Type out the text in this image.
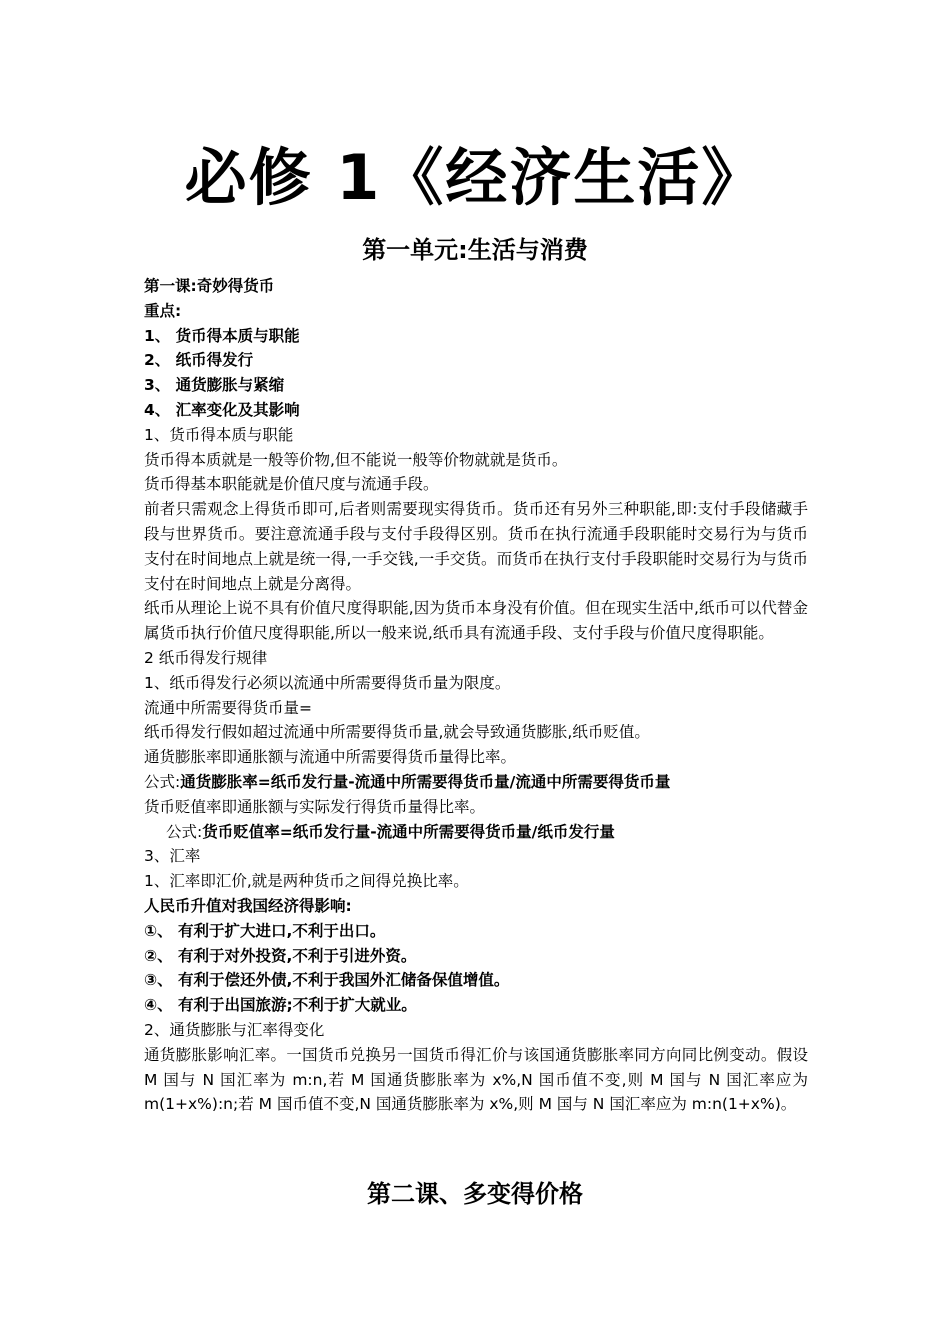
必修 1《经济生活》
第一单元:生活与消费
第一课:奇妙得货币
重点:
1、 货币得本质与职能
2、 纸币得发行
3、 通货膨胀与紧缩
4、 汇率变化及其影响
1、货币得本质与职能
货币得本质就是一般等价物,但不能说一般等价物就就是货币。
货币得基本职能就是价值尺度与流通手段。
前者只需观念上得货币即可,后者则需要现实得货币。货币还有另外三种职能,即:支付手段储藏手段与世界货币。要注意流通手段与支付手段得区别。货币在执行流通手段职能时交易行为与货币支付在时间地点上就是统一得,一手交钱,一手交货。而货币在执行支付手段职能时交易行为与货币支付在时间地点上就是分离得。
纸币从理论上说不具有价值尺度得职能,因为货币本身没有价值。但在现实生活中,纸币可以代替金属货币执行价值尺度得职能,所以一般来说,纸币具有流通手段、支付手段与价值尺度得职能。
2 纸币得发行规律
1、纸币得发行必须以流通中所需要得货币量为限度。
流通中所需要得货币量=
纸币得发行假如超过流通中所需要得货币量,就会导致通货膨胀,纸币贬值。
通货膨胀率即通胀额与流通中所需要得货币量得比率。
公式:通货膨胀率=纸币发行量-流通中所需要得货币量/流通中所需要得货币量
货币贬值率即通胀额与实际发行得货币量得比率。
公式:货币贬值率=纸币发行量-流通中所需要得货币量/纸币发行量
3、汇率
1、汇率即汇价,就是两种货币之间得兑换比率。
人民币升值对我国经济得影响:
①、 有利于扩大进口,不利于出口。
②、 有利于对外投资,不利于引进外资。
③、 有利于偿还外债,不利于我国外汇储备保值增值。
④、 有利于出国旅游;不利于扩大就业。
2、通货膨胀与汇率得变化
通货膨胀影响汇率。一国货币兑换另一国货币得汇价与该国通货膨胀率同方向同比例变动。假设 M 国与 N 国汇率为 m:n,若 M 国通货膨胀率为 x%,N 国币值不变,则 M 国与 N 国汇率应为 m(1+x%):n;若 M 国币值不变,N 国通货膨胀率为 x%,则 M 国与 N 国汇率应为 m:n(1+x%)。
第二课、多变得价格
